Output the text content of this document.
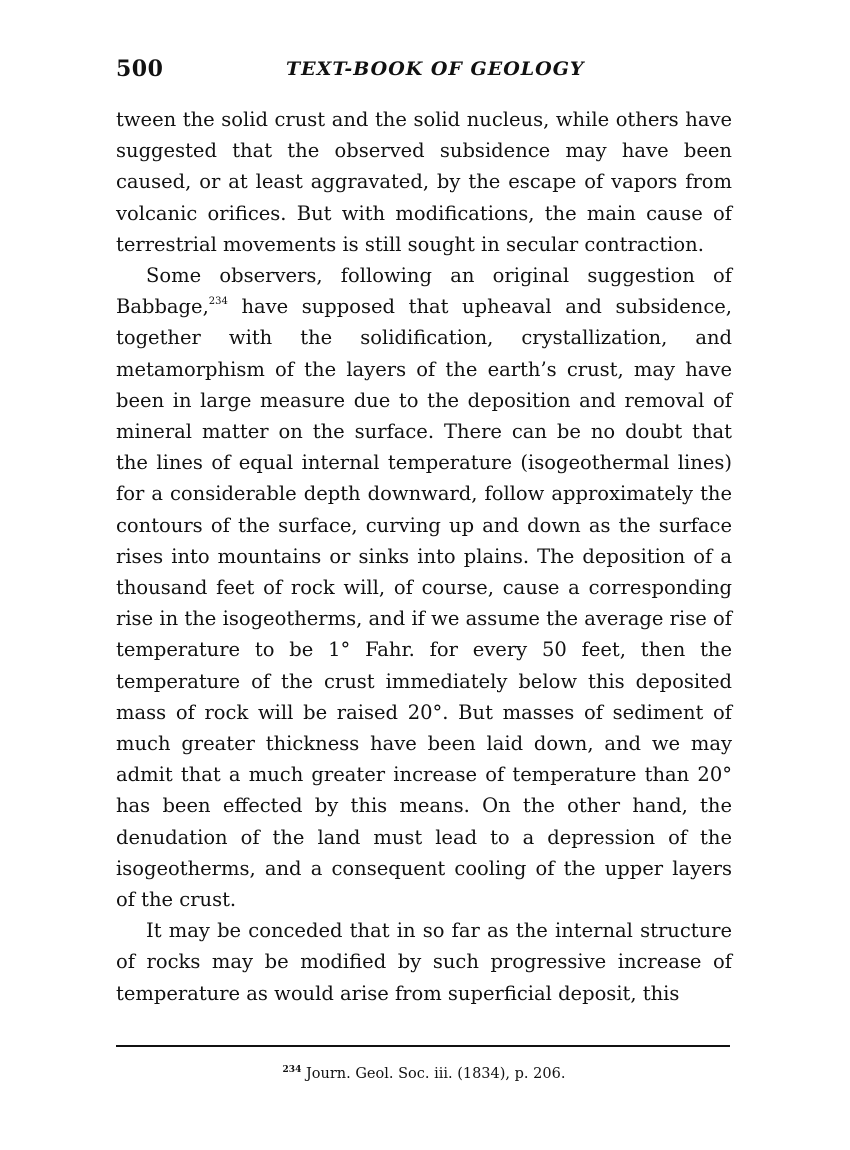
500	TEXT-BOOK OF GEOLOGY

tween the solid crust and the solid nucleus, while others have suggested that the observed subsidence may have been caused, or at least aggravated, by the escape of vapors from volcanic orifices. But with modifications, the main cause of terrestrial movements is still sought in secular contraction.

Some observers, following an original suggestion of Babbage,$^{234}$ have supposed that upheaval and subsidence, together with the solidification, crystallization, and metamorphism of the layers of the earth’s crust, may have been in large measure due to the deposition and removal of mineral matter on the surface. There can be no doubt that the lines of equal internal temperature (isogeothermal lines) for a considerable depth downward, follow approximately the contours of the surface, curving up and down as the surface rises into mountains or sinks into plains. The deposition of a thousand feet of rock will, of course, cause a corresponding rise in the isogeotherms, and if we assume the average rise of temperature to be 1° Fahr. for every 50 feet, then the temperature of the crust immediately below this deposited mass of rock will be raised 20°. But masses of sediment of much greater thickness have been laid down, and we may admit that a much greater increase of temperature than 20° has been effected by this means. On the other hand, the denudation of the land must lead to a depression of the isogeotherms, and a consequent cooling of the upper layers of the crust.

It may be conceded that in so far as the internal structure of rocks may be modified by such progressive increase of temperature as would arise from superficial deposit, this

$^{234}$ Journ. Geol. Soc. iii. (1834), p. 206.
